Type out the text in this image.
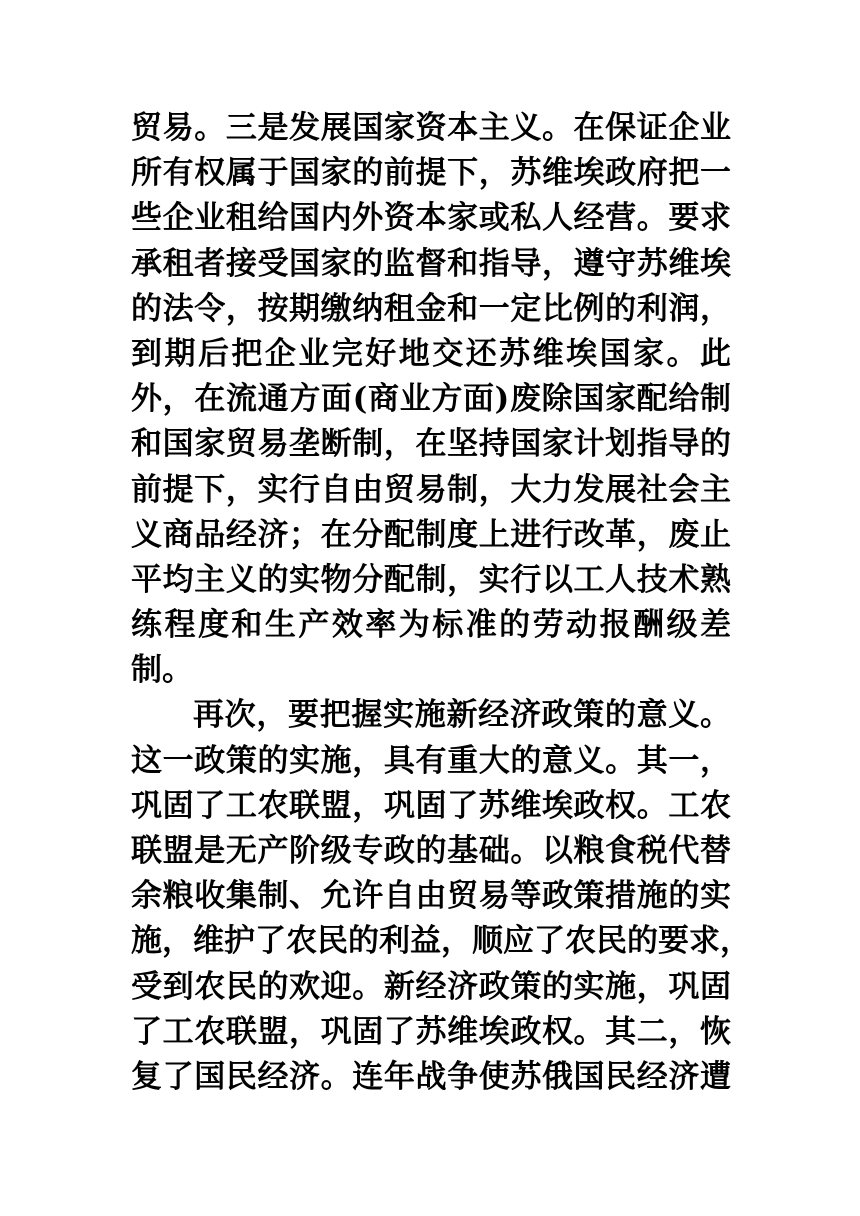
贸易。三是发展国家资本主义。在保证企业
所有权属于国家的前提下，苏维埃政府把一
些企业租给国内外资本家或私人经营。要求
承租者接受国家的监督和指导，遵守苏维埃
的法令，按期缴纳租金和一定比例的利润，
到期后把企业完好地交还苏维埃国家。此
外，在流通方面(商业方面)废除国家配给制
和国家贸易垄断制，在坚持国家计划指导的
前提下，实行自由贸易制，大力发展社会主
义商品经济；在分配制度上进行改革，废止
平均主义的实物分配制，实行以工人技术熟
练程度和生产效率为标准的劳动报酬级差
制。
再次，要把握实施新经济政策的意义。
这一政策的实施，具有重大的意义。其一，
巩固了工农联盟，巩固了苏维埃政权。工农
联盟是无产阶级专政的基础。以粮食税代替
余粮收集制、允许自由贸易等政策措施的实
施，维护了农民的利益，顺应了农民的要求，
受到农民的欢迎。新经济政策的实施，巩固
了工农联盟，巩固了苏维埃政权。其二，恢
复了国民经济。连年战争使苏俄国民经济遭
